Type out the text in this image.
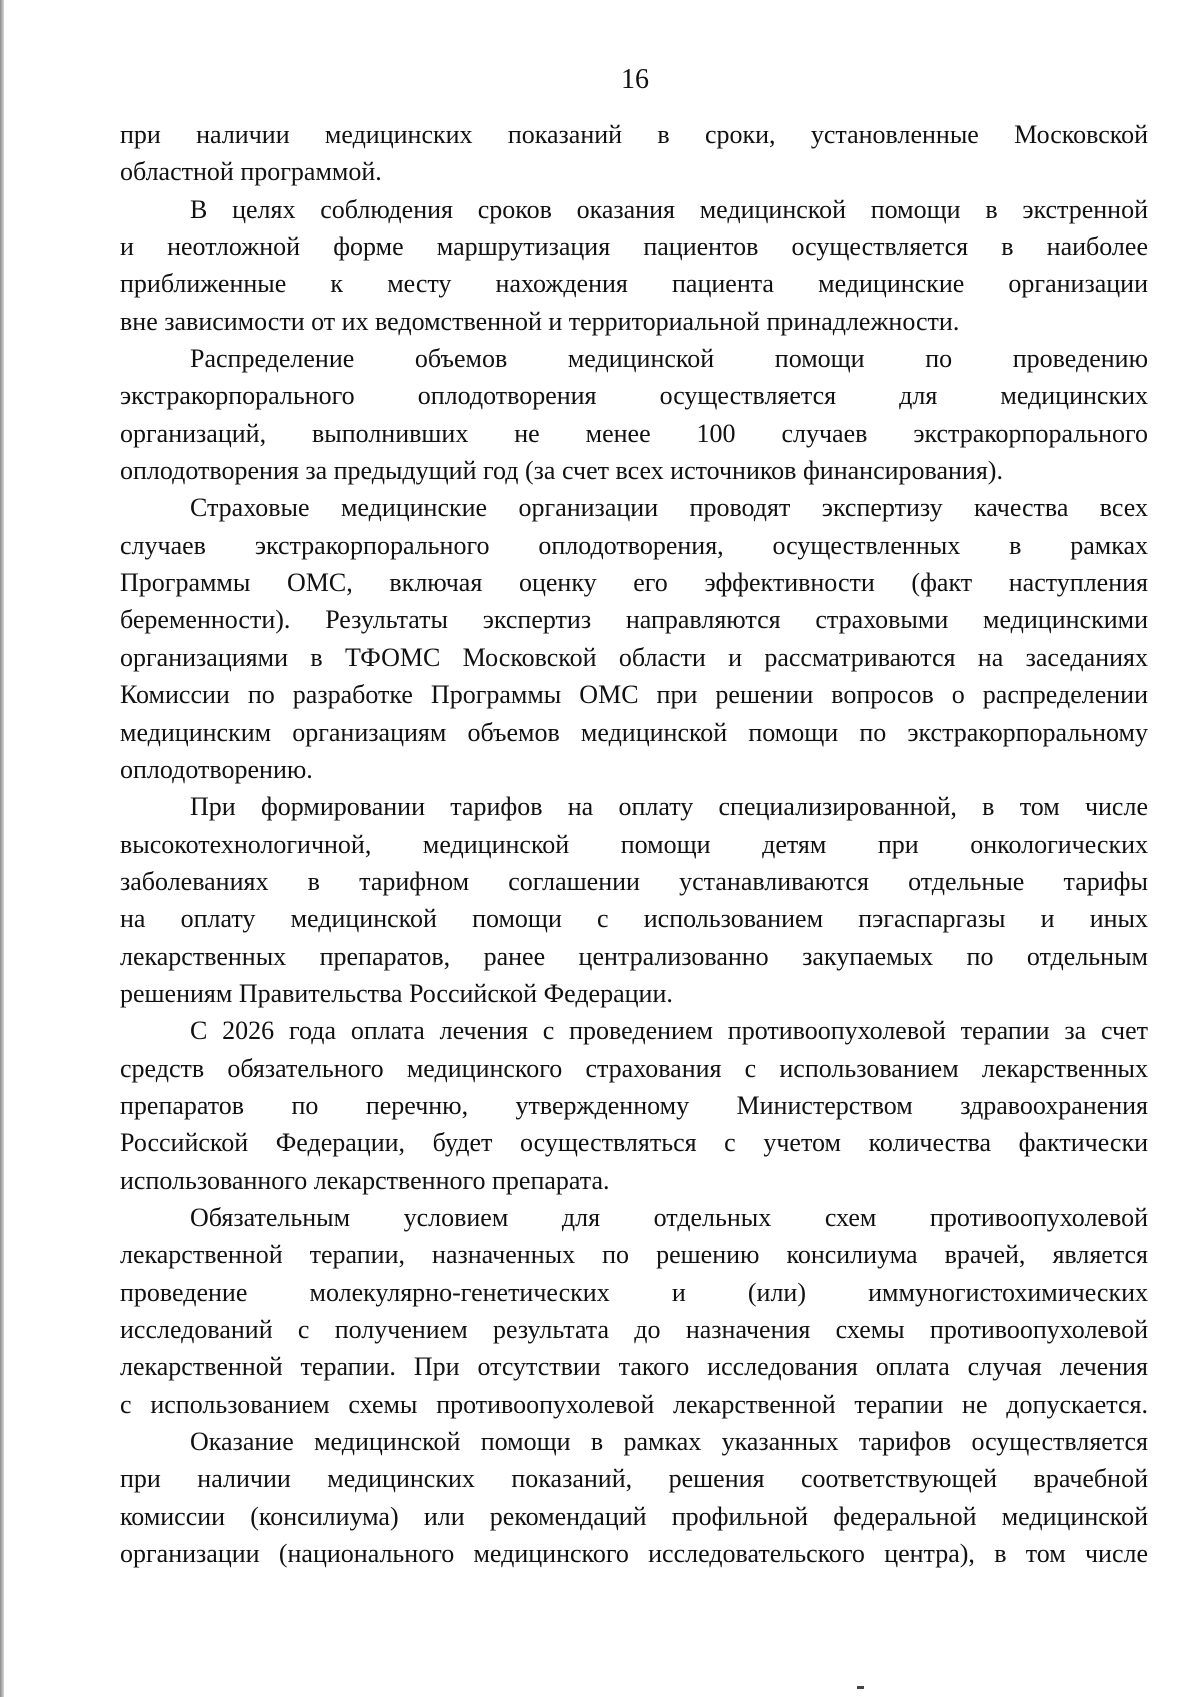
16

при наличии медицинских показаний в сроки, установленные Московской

областной программой.

В целях соблюдения сроков оказания медицинской помощи в экстренной

и неотложной форме маршрутизация пациентов осуществляется в наиболее

приближенные к месту нахождения пациента медицинские организации

вне зависимости от их ведомственной и территориальной принадлежности.

Распределение объемов медицинской помощи по проведению

экстракорпорального оплодотворения осуществляется для медицинских

организаций, выполнивших не менее 100 случаев экстракорпорального

оплодотворения за предыдущий год (за счет всех источников финансирования).

Страховые медицинские организации проводят экспертизу качества всех

случаев экстракорпорального оплодотворения, осуществленных в рамках

Программы ОМС, включая оценку его эффективности (факт наступления

беременности). Результаты экспертиз направляются страховыми медицинскими

организациями в ТФОМС Московской области и рассматриваются на заседаниях

Комиссии по разработке Программы ОМС при решении вопросов о распределении

медицинским организациям объемов медицинской помощи по экстракорпоральному

оплодотворению.

При формировании тарифов на оплату специализированной, в том числе

высокотехнологичной, медицинской помощи детям при онкологических

заболеваниях в тарифном соглашении устанавливаются отдельные тарифы

на оплату медицинской помощи с использованием пэгаспаргазы и иных

лекарственных препаратов, ранее централизованно закупаемых по отдельным

решениям Правительства Российской Федерации.

С 2026 года оплата лечения с проведением противоопухолевой терапии за счет

средств обязательного медицинского страхования с использованием лекарственных

препаратов по перечню, утвержденному Министерством здравоохранения

Российской Федерации, будет осуществляться с учетом количества фактически

использованного лекарственного препарата.

Обязательным условием для отдельных схем противоопухолевой

лекарственной терапии, назначенных по решению консилиума врачей, является

проведение молекулярно-генетических и (или) иммуногистохимических

исследований с получением результата до назначения схемы противоопухолевой

лекарственной терапии. При отсутствии такого исследования оплата случая лечения

с использованием схемы противоопухолевой лекарственной терапии не допускается.

Оказание медицинской помощи в рамках указанных тарифов осуществляется

при наличии медицинских показаний, решения соответствующей врачебной

комиссии (консилиума) или рекомендаций профильной федеральной медицинской

организации (национального медицинского исследовательского центра), в том числе
